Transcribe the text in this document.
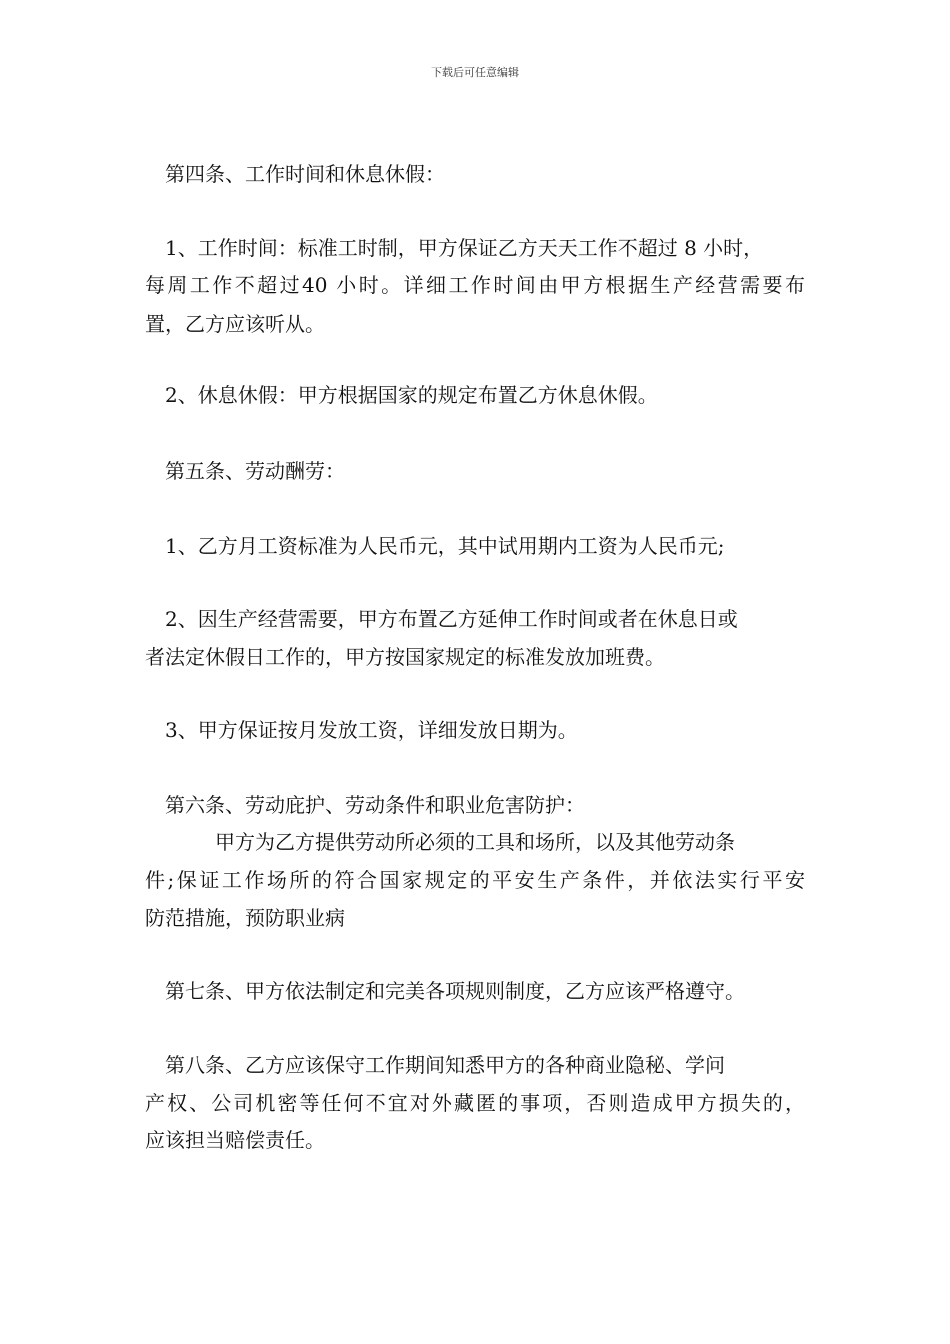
下载后可任意编辑
第四条、工作时间和休息休假：
1、工作时间：标准工时制，甲方保证乙方天天工作不超过 8 小时，
每周工作不超过40 小时。详细工作时间由甲方根据生产经营需要布
置，乙方应该听从。
2、休息休假：甲方根据国家的规定布置乙方休息休假。
第五条、劳动酬劳：
1、乙方月工资标准为人民币元，其中试用期内工资为人民币元;
2、因生产经营需要，甲方布置乙方延伸工作时间或者在休息日或
者法定休假日工作的，甲方按国家规定的标准发放加班费。
3、甲方保证按月发放工资，详细发放日期为。
第六条、劳动庇护、劳动条件和职业危害防护：
甲方为乙方提供劳动所必须的工具和场所，以及其他劳动条
件;保证工作场所的符合国家规定的平安生产条件，并依法实行平安
防范措施，预防职业病
第七条、甲方依法制定和完美各项规则制度，乙方应该严格遵守。
第八条、乙方应该保守工作期间知悉甲方的各种商业隐秘、学问
产权、公司机密等任何不宜对外藏匿的事项，否则造成甲方损失的，
应该担当赔偿责任。
